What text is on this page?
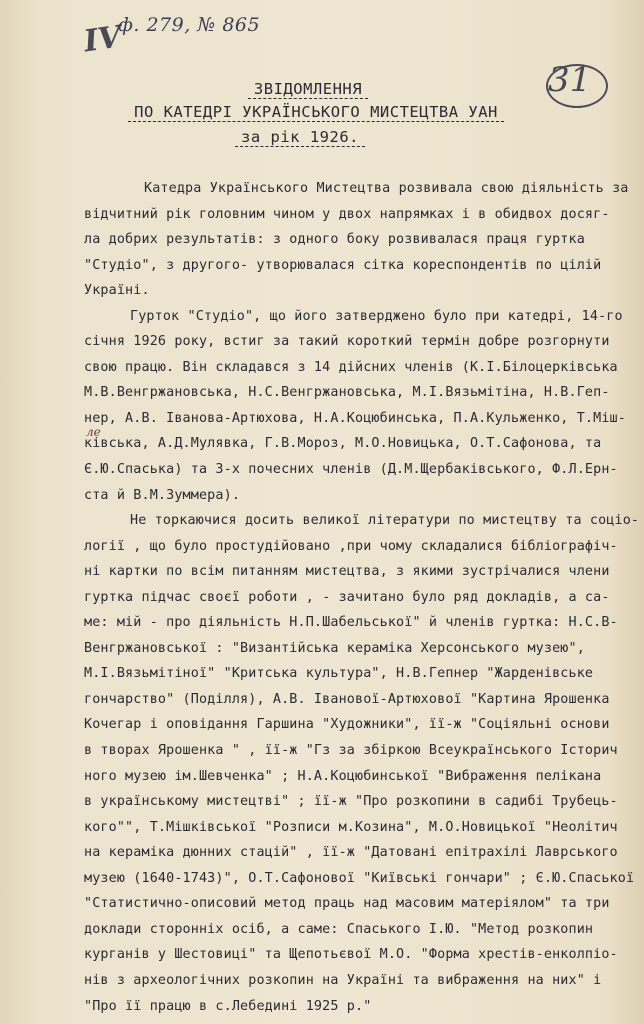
IV
ф. 279, № 865
31
ле
ЗВІДОМЛЕННЯ
ПО КАТЕДРІ УКРАЇНСЬКОГО МИСТЕЦТВА УАН
за рік 1926.
Катедра Українського Мистецтва розвивала свою діяльність за
відчитний рік головним чином у двох напрямках і в обидвох досяг-
ла добрих результатів: з одного боку розвивалася праця гуртка
"Студіо", з другого- утворювалася сітка кореспондентів по цілій
Україні.
Гурток "Студіо", що його затверджено було при катедрі, 14-го
січня 1926 року, встиг за такий короткий термін добре розгорнути
свою працю. Він складався з 14 дійсних членів (К.І.Білоцерківська
М.В.Венгржановська, Н.С.Венгржановська, М.І.Вязьмітіна, Н.В.Геп-
нер, А.В. Іванова-Артюхова, Н.А.Коцюбинська, П.А.Кульженко, Т.Міш-
ківська, А.Д.Мулявка, Г.В.Мороз, М.О.Новицька, О.Т.Сафонова, та
Є.Ю.Спаська) та 3-х почесних членів (Д.М.Щербаківського, Ф.Л.Ерн-
ста й В.М.Зуммера).
Не торкаючися досить великої літератури по мистецтву та соціо-
логії , що було простудійовано ,при чому складалися бібліографіч-
ні картки по всім питанням мистецтва, з якими зустрічалися члени
гуртка підчас своєї роботи , - зачитано було ряд докладів, а са-
ме: мій - про діяльність Н.П.Шабельської" й членів гуртка: Н.С.В-
Венгржановської : "Византійська кераміка Херсонського музею",
М.І.Вязьмітіної" "Критська культура", Н.В.Гепнер "Жарденівське
гончарство" (Поділля), А.В. Іванової-Артюхової "Картина Ярошенка
Кочегар і оповідання Гаршина "Художники", її-ж "Соціяльні основи
в творах Ярошенка " , її-ж "Гз за збіркою Всеукраїнського Історич
ного музею ім.Шевченка" ; Н.А.Коцюбинської "Вибраження пелікана
в українському мистецтві" ; її-ж "Про розкопини в садибі Трубець-
кого"", Т.Мішківської "Розписи м.Козина", М.О.Новицької "Неолітич
на кераміка дюнних стацій" , її-ж "Датовані епітрахілі Лаврського
музею (1640-1743)", О.Т.Сафонової "Київські гончари" ; Є.Ю.Спаської
"Статистично-описовий метод праць над масовим матеріялом" та три
доклади сторонніх осіб, а саме: Спаського І.Ю. "Метод розкопин
курганів у Шестовиці" та Щепотьєвої М.О. "Форма хрестів-енколпіо-
нів з археологічних розкопин на Україні та вибраження на них" і
"Про її працю в с.Лебедині 1925 р."
